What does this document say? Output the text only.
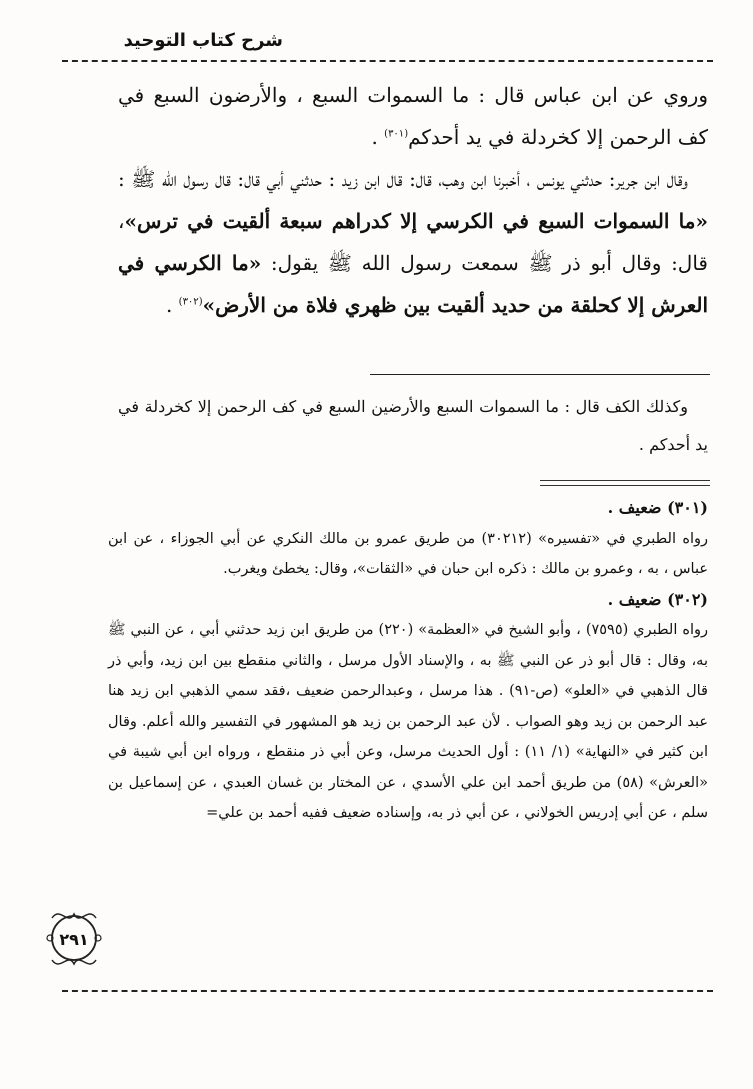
شرح كتاب التوحيد

وروي عن ابن عباس قال : ما السموات السبع ، والأرضون السبع في كف الرحمن إلا كخردلة في يد أحدكم$^{(٣٠١)}$ .

وقال ابن جرير: حدثني يونس ، أخبرنا ابن وهب، قال: قال ابن زيد : حدثني أبي قال: قال رسول الله ﷺ : «ما السموات السبع في الكرسي إلا كدراهم سبعة ألقيت في ترس»، قال: وقال أبو ذر ﷺ سمعت رسول الله ﷺ يقول: «ما الكرسي في العرش إلا كحلقة من حديد ألقيت بين ظهري فلاة من الأرض»$^{(٣٠٢)}$ .

وكذلك الكف قال : ما السموات السبع والأرضين السبع في كف الرحمن إلا كخردلة في يد أحدكم .

(٣٠١) ضعيف .

رواه الطبري في «تفسيره» (٣٠٢١٢) من طريق عمرو بن مالك النكري عن أبي الجوزاء ، عن ابن عباس ، به ، وعمرو بن مالك : ذكره ابن حبان في «الثقات»، وقال: يخطئ ويغرب.

(٣٠٢) ضعيف .

رواه الطبري (٧٥٩٥) ، وأبو الشيخ في «العظمة» (٢٢٠) من طريق ابن زيد حدثني أبي ، عن النبي ﷺ به، وقال : قال أبو ذر عن النبي ﷺ به ، والإسناد الأول مرسل ، والثاني منقطع بين ابن زيد، وأبي ذر قال الذهبي في «العلو» (ص-٩١) . هذا مرسل ، وعبدالرحمن ضعيف ،فقد سمي الذهبي ابن زيد هنا عبد الرحمن بن زيد وهو الصواب . لأن عبد الرحمن بن زيد هو المشهور في التفسير والله أعلم. وقال ابن كثير في «النهاية» (١/ ١١) : أول الحديث مرسل، وعن أبي ذر منقطع ، ورواه ابن أبي شيبة في «العرش» (٥٨) من طريق أحمد ابن علي الأسدي ، عن المختار بن غسان العبدي ، عن إسماعيل بن سلم ، عن أبي إدريس الخولاني ، عن أبي ذر به، وإسناده ضعيف ففيه أحمد بن علي=

٢٩١
